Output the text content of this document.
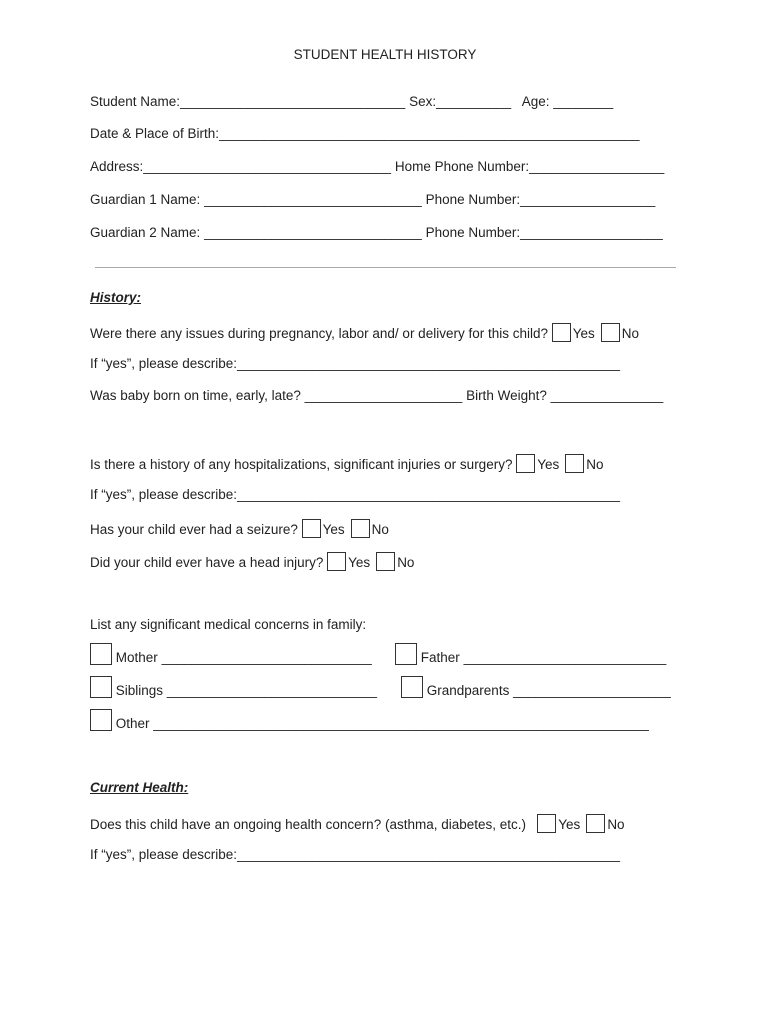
STUDENT HEALTH HISTORY
Student Name:______________________________ Sex:__________ Age: ________
Date & Place of Birth:________________________________________________________
Address:_________________________________ Home Phone Number:__________________
Guardian 1 Name: _____________________________ Phone Number:__________________
Guardian 2 Name: _____________________________ Phone Number:___________________
History:
Were there any issues during pregnancy, labor and/ or delivery for this child? Yes No
If “yes”, please describe:___________________________________________________
Was baby born on time, early, late? _____________________ Birth Weight? _______________
Is there a history of any hospitalizations, significant injuries or surgery? Yes No
If “yes”, please describe:___________________________________________________
Has your child ever had a seizure? Yes No
Did your child ever have a head injury? Yes No
List any significant medical concerns in family:
Mother ____________________________	Father ___________________________
Siblings ____________________________	Grandparents _____________________
Other __________________________________________________________________
Current Health:
Does this child have an ongoing health concern? (asthma, diabetes, etc.) Yes No
If “yes”, please describe:___________________________________________________
